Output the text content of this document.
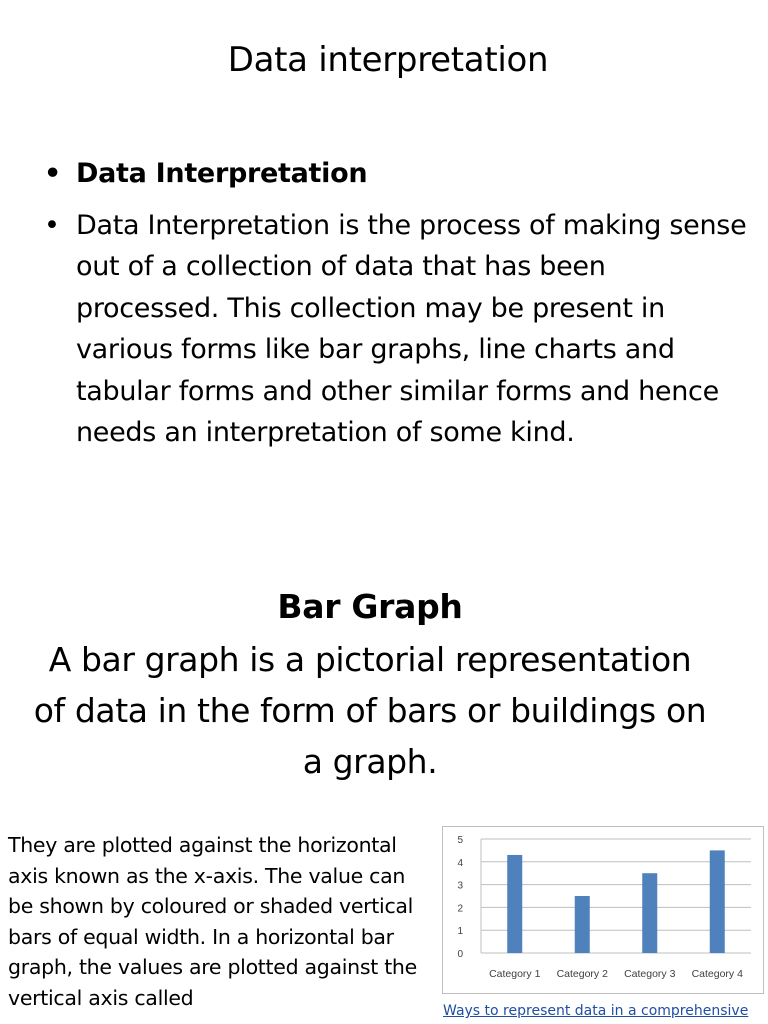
Data interpretation
• Data Interpretation
• Data Interpretation is the process of making sense out of a collection of data that has been processed. This collection may be present in various forms like bar graphs, line charts and tabular forms and other similar forms and hence needs an interpretation of some kind.
Bar Graph
A bar graph is a pictorial representation of data in the form of bars or buildings on a graph.
They are plotted against the horizontal axis known as the x-axis. The value can be shown by coloured or shaded vertical bars of equal width. In a horizontal bar graph, the values are plotted against the vertical axis called
0
1
2
3
4
5
Category 1 Category 2 Category 3 Category 4
Ways to represent data in a comprehensive
